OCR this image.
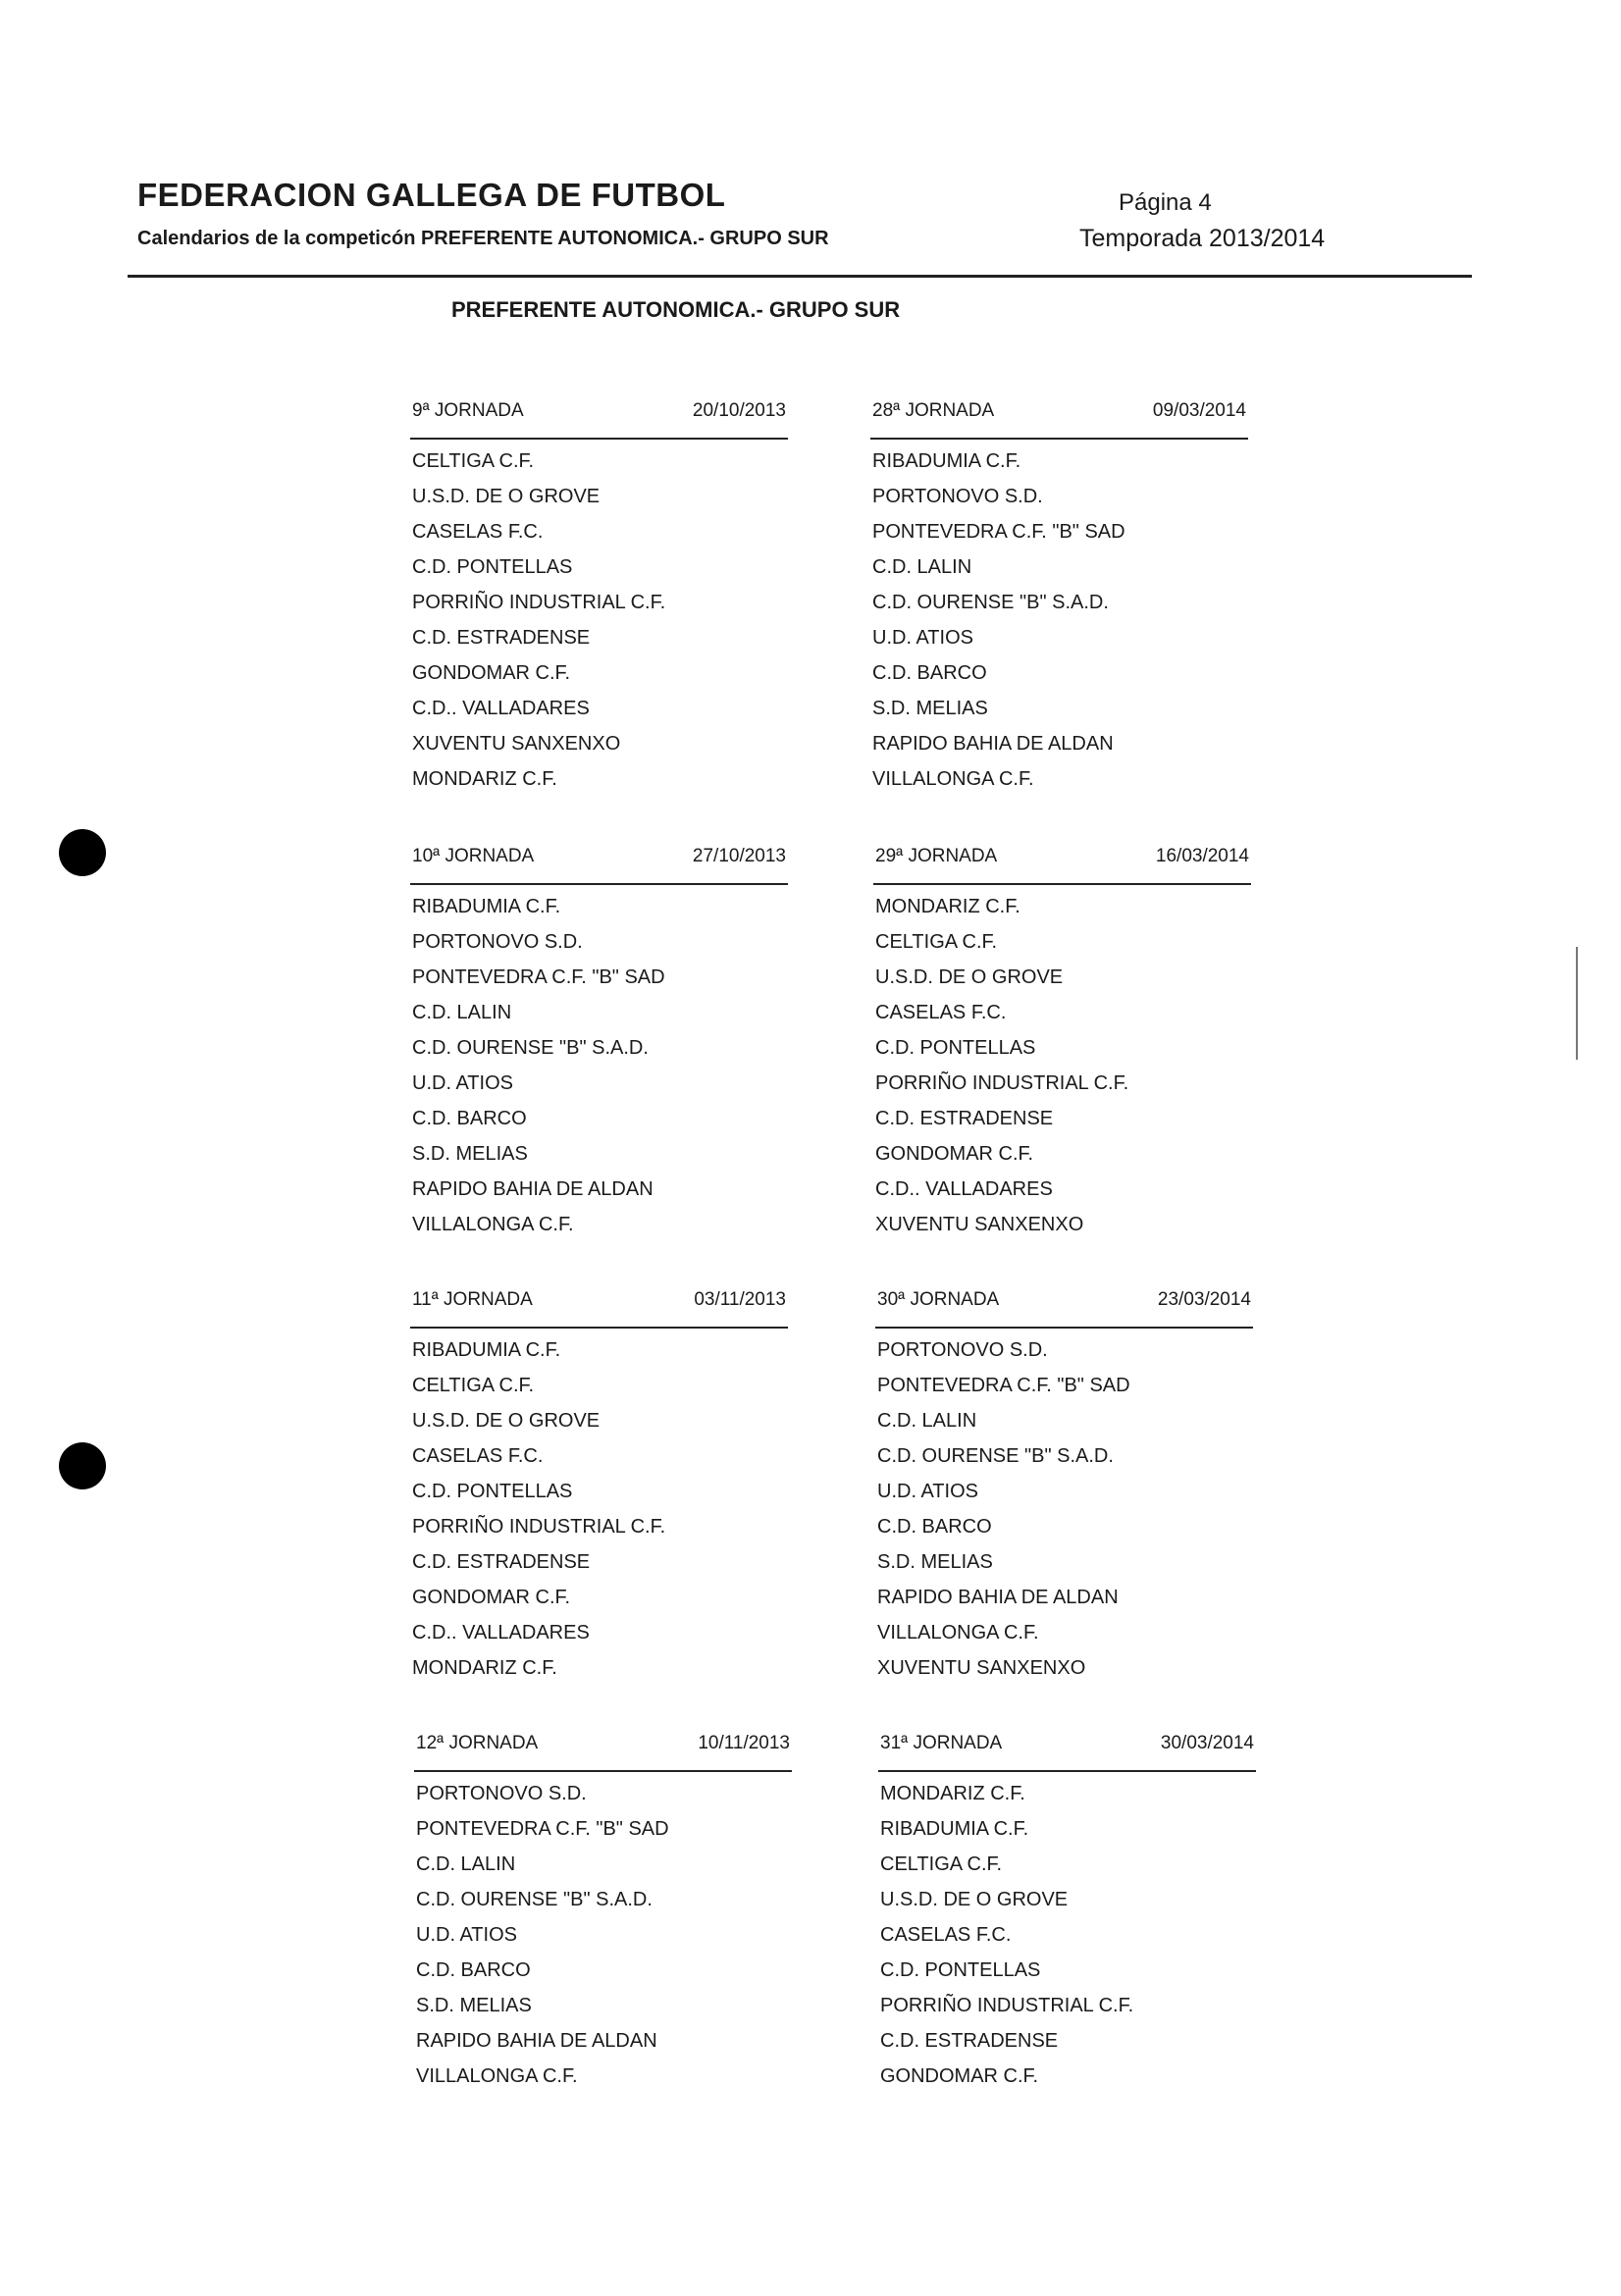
FEDERACION GALLEGA DE FUTBOL
Calendarios de la competicón PREFERENTE AUTONOMICA.- GRUPO SUR
Página 4
Temporada 2013/2014
PREFERENTE AUTONOMICA.- GRUPO SUR
9ª JORNADA	20/10/2013
CELTIGA C.F.
U.S.D. DE O GROVE
CASELAS F.C.
C.D. PONTELLAS
PORRIÑO INDUSTRIAL C.F.
C.D. ESTRADENSE
GONDOMAR C.F.
C.D.. VALLADARES
XUVENTU SANXENXO
MONDARIZ C.F.
28ª JORNADA	09/03/2014
RIBADUMIA C.F.
PORTONOVO S.D.
PONTEVEDRA C.F. "B" SAD
C.D. LALIN
C.D. OURENSE "B" S.A.D.
U.D. ATIOS
C.D. BARCO
S.D. MELIAS
RAPIDO BAHIA DE ALDAN
VILLALONGA C.F.
10ª JORNADA	27/10/2013
RIBADUMIA C.F.
PORTONOVO S.D.
PONTEVEDRA C.F. "B" SAD
C.D. LALIN
C.D. OURENSE "B" S.A.D.
U.D. ATIOS
C.D. BARCO
S.D. MELIAS
RAPIDO BAHIA DE ALDAN
VILLALONGA C.F.
29ª JORNADA	16/03/2014
MONDARIZ C.F.
CELTIGA C.F.
U.S.D. DE O GROVE
CASELAS F.C.
C.D. PONTELLAS
PORRIÑO INDUSTRIAL C.F.
C.D. ESTRADENSE
GONDOMAR C.F.
C.D.. VALLADARES
XUVENTU SANXENXO
11ª JORNADA	03/11/2013
RIBADUMIA C.F.
CELTIGA C.F.
U.S.D. DE O GROVE
CASELAS F.C.
C.D. PONTELLAS
PORRIÑO INDUSTRIAL C.F.
C.D. ESTRADENSE
GONDOMAR C.F.
C.D.. VALLADARES
MONDARIZ C.F.
30ª JORNADA	23/03/2014
PORTONOVO S.D.
PONTEVEDRA C.F. "B" SAD
C.D. LALIN
C.D. OURENSE "B" S.A.D.
U.D. ATIOS
C.D. BARCO
S.D. MELIAS
RAPIDO BAHIA DE ALDAN
VILLALONGA C.F.
XUVENTU SANXENXO
12ª JORNADA	10/11/2013
PORTONOVO S.D.
PONTEVEDRA C.F. "B" SAD
C.D. LALIN
C.D. OURENSE "B" S.A.D.
U.D. ATIOS
C.D. BARCO
S.D. MELIAS
RAPIDO BAHIA DE ALDAN
VILLALONGA C.F.
31ª JORNADA	30/03/2014
MONDARIZ C.F.
RIBADUMIA C.F.
CELTIGA C.F.
U.S.D. DE O GROVE
CASELAS F.C.
C.D. PONTELLAS
PORRIÑO INDUSTRIAL C.F.
C.D. ESTRADENSE
GONDOMAR C.F.
